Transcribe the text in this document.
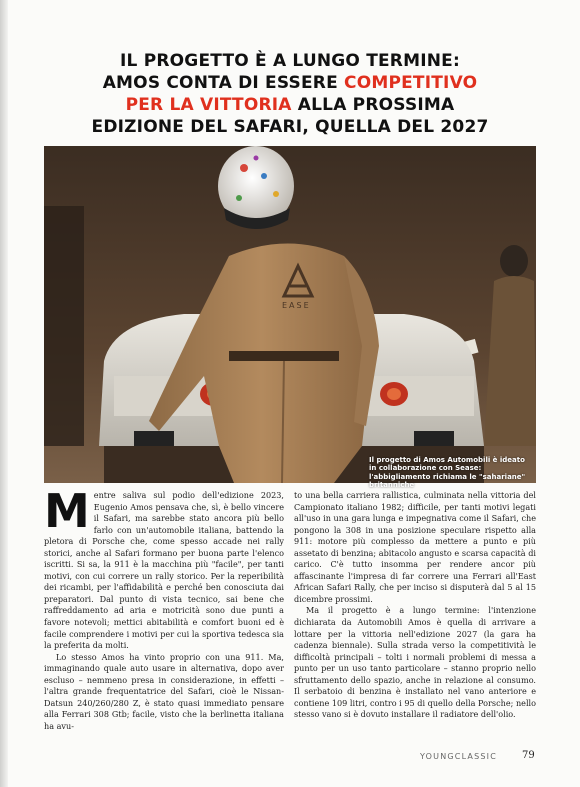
IL PROGETTO È A LUNGO TERMINE:
AMOS CONTA DI ESSERE COMPETITIVO
PER LA VITTORIA ALLA PROSSIMA
EDIZIONE DEL SAFARI, QUELLA DEL 2027
EASE
Il progetto di Amos Automobili è ideato in collaborazione con Sease: l'abbigliamento richiama le "sahariane" britanniche

Mentre saliva sul podio dell'edizione 2023, Eugenio Amos pensava che, sì, è bello vincere il Safari, ma sarebbe stato ancora più bello farlo con un'automobile italiana, battendo la pletora di Porsche che, come spesso accade nei rally storici, anche al Safari formano per buona parte l'elenco iscritti. Si sa, la 911 è la macchina più "facile", per tanti motivi, con cui correre un rally storico. Per la reperibilità dei ricambi, per l'affidabilità e perché ben conosciuta dai preparatori. Dal punto di vista tecnico, sai bene che raffreddamento ad aria e motricità sono due punti a favore notevoli; mettici abitabilità e comfort buoni ed è facile comprendere i motivi per cui la sportiva tedesca sia la preferita da molti.

Lo stesso Amos ha vinto proprio con una 911. Ma, immaginando quale auto usare in alternativa, dopo aver escluso – nemmeno presa in considerazione, in effetti – l'altra grande frequentatrice del Safari, cioè le Nissan-Datsun 240/260/280 Z, è stato quasi immediato pensare alla Ferrari 308 Gtb; facile, visto che la berlinetta italiana ha avu-

to una bella carriera rallistica, culminata nella vittoria del Campionato italiano 1982; difficile, per tanti motivi legati all'uso in una gara lunga e impegnativa come il Safari, che pongono la 308 in una posizione speculare rispetto alla 911: motore più complesso da mettere a punto e più assetato di benzina; abitacolo angusto e scarsa capacità di carico. C'è tutto insomma per rendere ancor più affascinante l'impresa di far correre una Ferrari all'East African Safari Rally, che per inciso si disputerà dal 5 al 15 dicembre prossimi.

Ma il progetto è a lungo termine: l'intenzione dichiarata da Automobili Amos è quella di arrivare a lottare per la vittoria nell'edizione 2027 (la gara ha cadenza biennale). Sulla strada verso la competitività le difficoltà principali – tolti i normali problemi di messa a punto per un uso tanto particolare – stanno proprio nello sfruttamento dello spazio, anche in relazione al consumo. Il serbatoio di benzina è installato nel vano anteriore e contiene 109 litri, contro i 95 di quello della Porsche; nello stesso vano si è dovuto installare il radiatore dell'olio.

YOUNGCLASSIC	79
